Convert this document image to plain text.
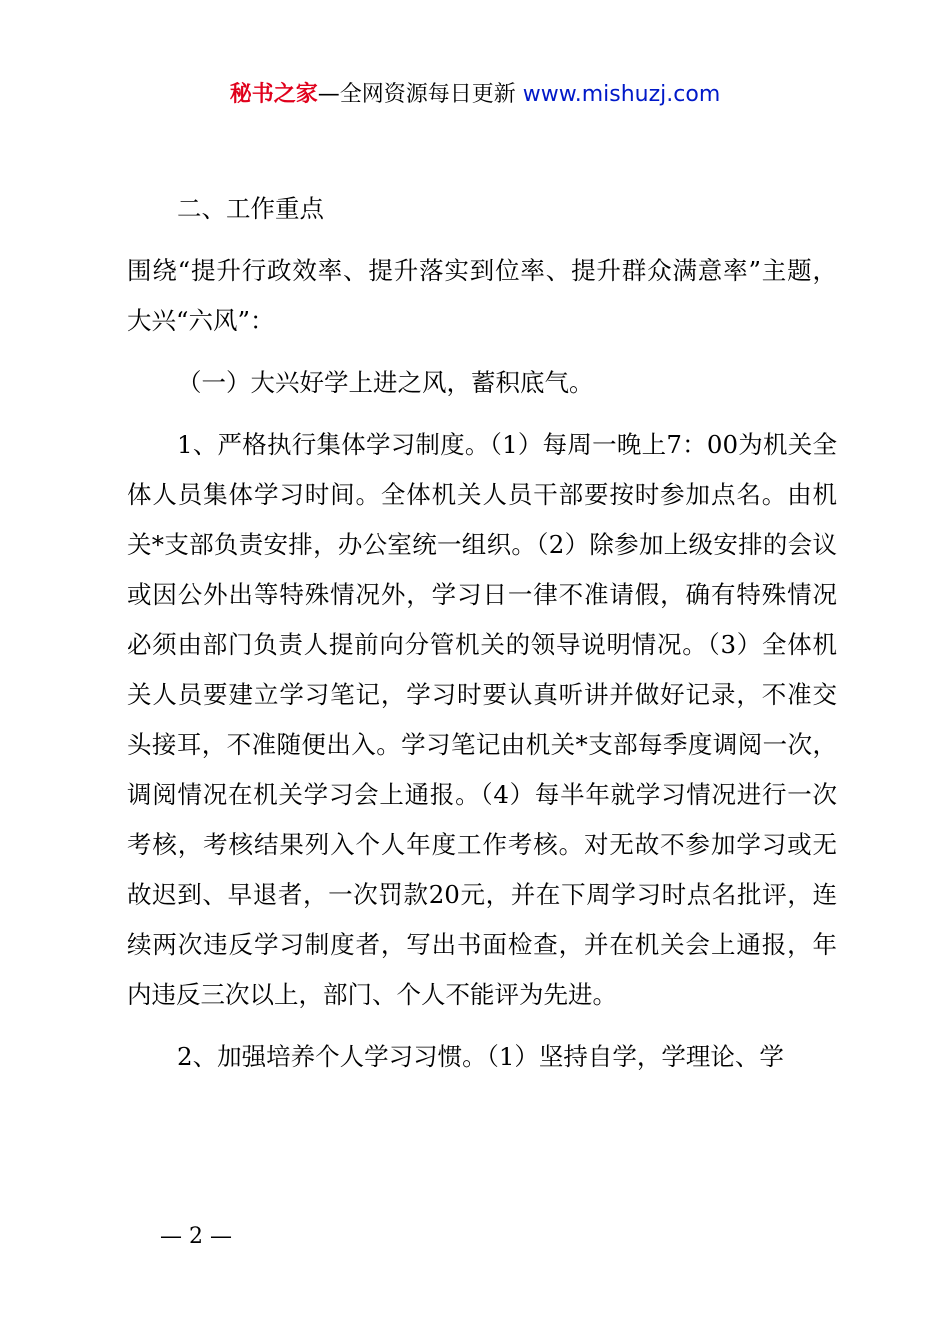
秘书之家—全网资源每日更新 www.mishuzj.com

二、工作重点

围绕“提升行政效率、提升落实到位率、提升群众满意率”主题，大兴“六风”：

（一）大兴好学上进之风，蓄积底气。

1、严格执行集体学习制度。（1）每周一晚上7：00为机关全体人员集体学习时间。全体机关人员干部要按时参加点名。由机关*支部负责安排，办公室统一组织。（2）除参加上级安排的会议或因公外出等特殊情况外，学习日一律不准请假，确有特殊情况必须由部门负责人提前向分管机关的领导说明情况。（3）全体机关人员要建立学习笔记，学习时要认真听讲并做好记录，不准交头接耳，不准随便出入。学习笔记由机关*支部每季度调阅一次，调阅情况在机关学习会上通报。（4）每半年就学习情况进行一次考核，考核结果列入个人年度工作考核。对无故不参加学习或无故迟到、早退者，一次罚款20元，并在下周学习时点名批评，连续两次违反学习制度者，写出书面检查，并在机关会上通报，年内违反三次以上，部门、个人不能评为先进。

2、加强培养个人学习习惯。（1）坚持自学，学理论、学

— 2 —
